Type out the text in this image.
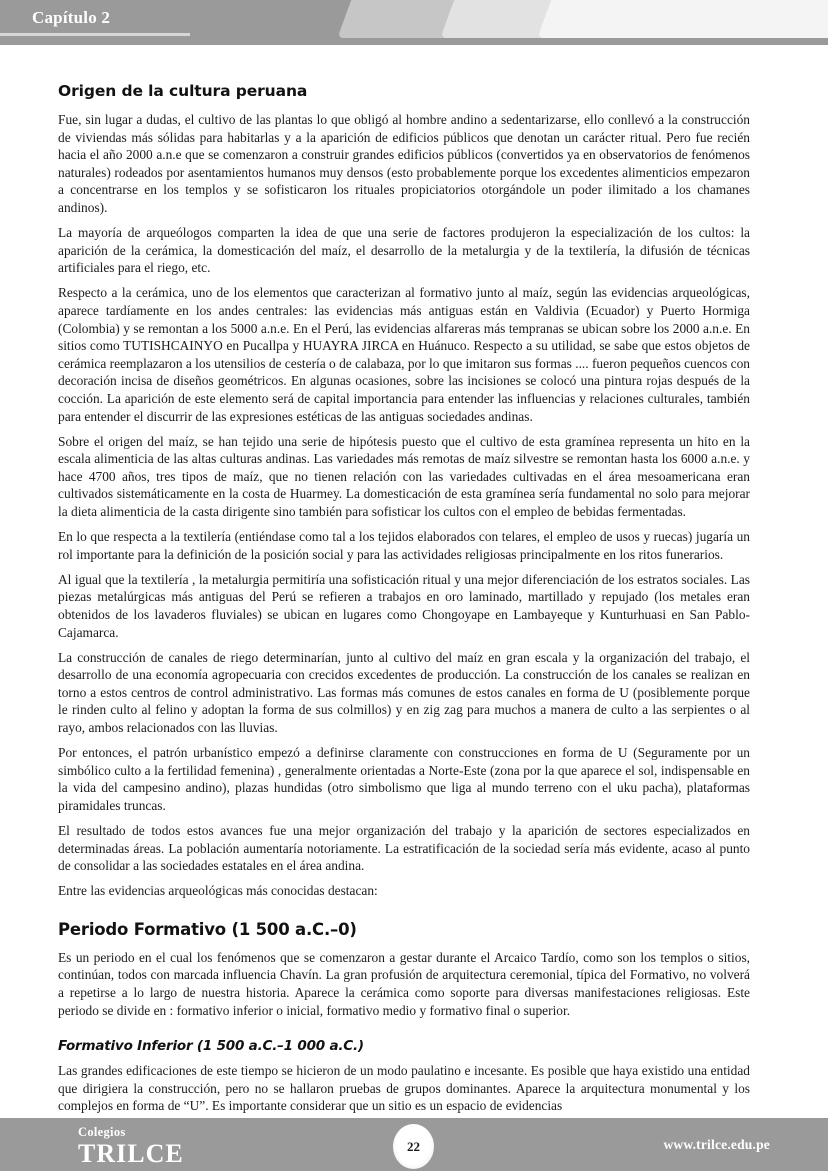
Capítulo 2
Origen de la cultura peruana

Fue, sin lugar a dudas, el cultivo de las plantas lo que obligó al hombre andino a sedentarizarse, ello conllevó a la construcción de viviendas más sólidas para habitarlas y a la aparición de edificios públicos que denotan un carácter ritual. Pero fue recién hacia el año 2000 a.n.e que se comenzaron a construir grandes edificios públicos (convertidos ya en observatorios de fenómenos naturales) rodeados por asentamientos humanos muy densos (esto probablemente porque los excedentes alimenticios empezaron a concentrarse en los templos y se sofisticaron los rituales propiciatorios otorgándole un poder ilimitado a los chamanes andinos).

La mayoría de arqueólogos comparten la idea de que una serie de factores produjeron la especialización de los cultos: la aparición de la cerámica, la domesticación del maíz, el desarrollo de la metalurgia y de la textilería, la difusión de técnicas artificiales para el riego, etc.

Respecto a la cerámica, uno de los elementos que caracterizan al formativo junto al maíz, según las evidencias arqueológicas, aparece tardíamente en los andes centrales: las evidencias más antiguas están en Valdivia (Ecuador) y Puerto Hormiga (Colombia) y se remontan a los 5000 a.n.e. En el Perú, las evidencias alfareras más tempranas se ubican sobre los 2000 a.n.e. En sitios como TUTISHCAINYO en Pucallpa y HUAYRA JIRCA en Huánuco. Respecto a su utilidad, se sabe que estos objetos de cerámica reemplazaron a los utensilios de cestería o de calabaza, por lo que imitaron sus formas .... fueron pequeños cuencos con decoración incisa de diseños geométricos. En algunas ocasiones, sobre las incisiones se colocó una pintura rojas después de la cocción. La aparición de este elemento será de capital importancia para entender las influencias y relaciones culturales, también para entender el discurrir de las expresiones estéticas de las antiguas sociedades andinas.

Sobre el origen del maíz, se han tejido una serie de hipótesis puesto que el cultivo de esta gramínea representa un hito en la escala alimenticia de las altas culturas andinas. Las variedades más remotas de maíz silvestre se remontan hasta los 6000 a.n.e. y hace 4700 años, tres tipos de maíz, que no tienen relación con las variedades cultivadas en el área mesoamericana eran cultivados sistemáticamente en la costa de Huarmey. La domesticación de esta gramínea sería fundamental no solo para mejorar la dieta alimenticia de la casta dirigente sino también para sofisticar los cultos con el empleo de bebidas fermentadas.

En lo que respecta a la textilería (entiéndase como tal a los tejidos elaborados con telares, el empleo de usos y ruecas) jugaría un rol importante para la definición de la posición social y para las actividades religiosas principalmente en los ritos funerarios.

Al igual que la textilería , la metalurgia permitiría una sofisticación ritual y una mejor diferenciación de los estratos sociales. Las piezas metalúrgicas más antiguas del Perú se refieren a trabajos en oro laminado, martillado y repujado (los metales eran obtenidos de los lavaderos fluviales) se ubican en lugares como Chongoyape en Lambayeque y Kunturhuasi en San Pablo-Cajamarca.

La construcción de canales de riego determinarían, junto al cultivo del maíz en gran escala y la organización del trabajo, el desarrollo de una economía agropecuaria con crecidos excedentes de producción. La construcción de los canales se realizan en torno a estos centros de control administrativo. Las formas más comunes de estos canales en forma de U (posiblemente porque le rinden culto al felino y adoptan la forma de sus colmillos) y en zig zag para muchos a manera de culto a las serpientes o al rayo, ambos relacionados con las lluvias.

Por entonces, el patrón urbanístico empezó a definirse claramente con construcciones en forma de U (Seguramente por un simbólico culto a la fertilidad femenina) , generalmente orientadas a Norte-Este (zona por la que aparece el sol, indispensable en la vida del campesino andino), plazas hundidas (otro simbolismo que liga al mundo terreno con el uku pacha), plataformas piramidales truncas.

El resultado de todos estos avances fue una mejor organización del trabajo y la aparición de sectores especializados en determinadas áreas. La población aumentaría notoriamente. La estratificación de la sociedad sería más evidente, acaso al punto de consolidar a las sociedades estatales en el área andina.

Entre las evidencias arqueológicas más conocidas destacan:

Periodo Formativo (1 500 a.C.–0)

Es un periodo en el cual los fenómenos que se comenzaron a gestar durante el Arcaico Tardío, como son los templos o sitios, continúan, todos con marcada influencia Chavín. La gran profusión de arquitectura ceremonial, típica del Formativo, no volverá a repetirse a lo largo de nuestra historia. Aparece la cerámica como soporte para diversas manifestaciones religiosas. Este periodo se divide en : formativo inferior o inicial, formativo medio y formativo final o superior.

Formativo Inferior (1 500 a.C.–1 000 a.C.)

Las grandes edificaciones de este tiempo se hicieron de un modo paulatino e incesante. Es posible que haya existido una entidad que dirigiera la construcción, pero no se hallaron pruebas de grupos dominantes. Aparece la arquitectura monumental y los complejos en forma de “U”. Es importante considerar que un sitio es un espacio de evidencias

Colegios
TRILCE	www.trilce.edu.pe
22
